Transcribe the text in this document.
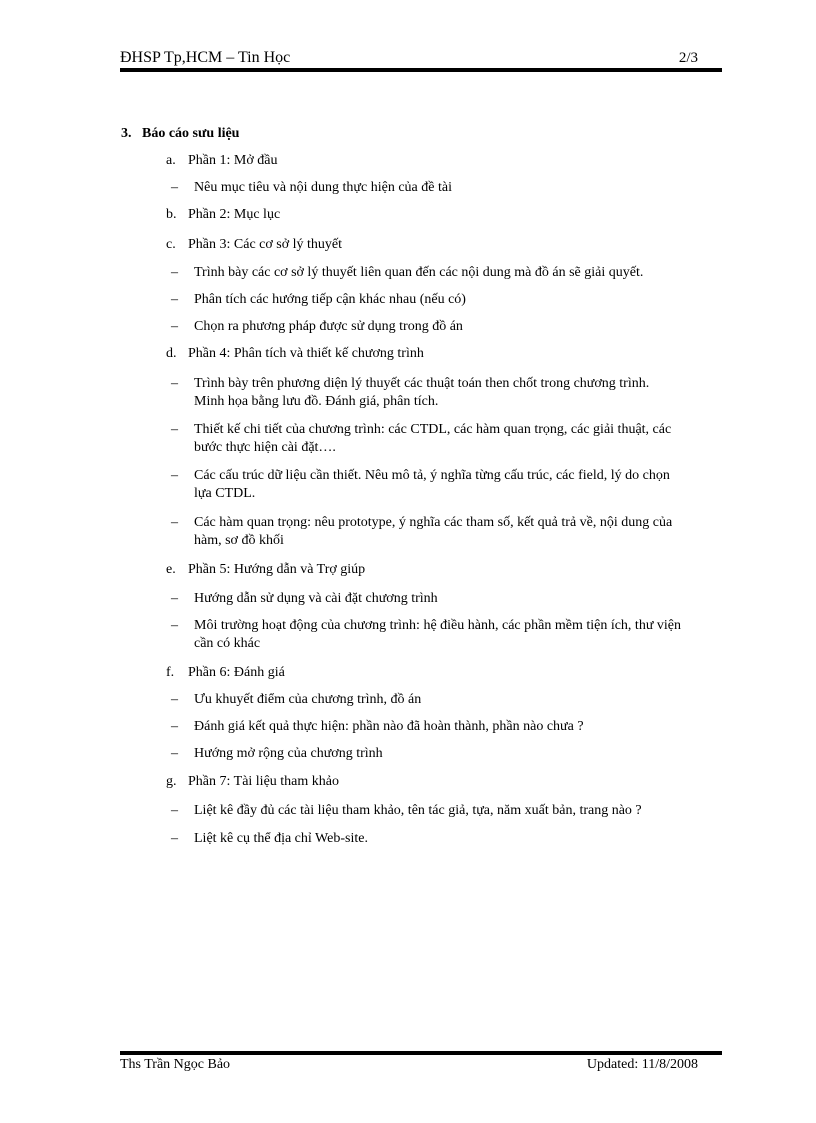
ĐHSP Tp,HCM – Tin Học	2/3
3. Báo cáo sưu liệu
a. Phần 1: Mở đầu
– Nêu mục tiêu và nội dung thực hiện của đề tài
b. Phần 2: Mục lục
c. Phần 3: Các cơ sở lý thuyết
– Trình bày các cơ sở lý thuyết liên quan đến các nội dung mà đồ án sẽ giải quyết.
– Phân tích các hướng tiếp cận khác nhau (nếu có)
– Chọn ra phương pháp được sử dụng trong đồ án
d. Phần 4: Phân tích và thiết kế chương trình
– Trình bày trên phương diện lý thuyết các thuật toán then chốt trong chương trình.
Minh họa bằng lưu đồ. Đánh giá, phân tích.
– Thiết kế chi tiết của chương trình: các CTDL, các hàm quan trọng, các giải thuật, các
bước thực hiện cài đặt….
– Các cấu trúc dữ liệu cần thiết. Nêu mô tả, ý nghĩa từng cấu trúc, các field, lý do chọn
lựa CTDL.
– Các hàm quan trọng: nêu prototype, ý nghĩa các tham số, kết quả trả về, nội dung của
hàm, sơ đồ khối
e. Phần 5: Hướng dẫn và Trợ giúp
– Hướng dẫn sử dụng và cài đặt chương trình
– Môi trường hoạt động của chương trình: hệ điều hành, các phần mềm tiện ích, thư viện
cần có khác
f. Phần 6: Đánh giá
– Ưu khuyết điểm của chương trình, đồ án
– Đánh giá kết quả thực hiện: phần nào đã hoàn thành, phần nào chưa ?
– Hướng mở rộng của chương trình
g. Phần 7: Tài liệu tham khảo
– Liệt kê đầy đủ các tài liệu tham khảo, tên tác giả, tựa, năm xuất bản, trang nào ?
– Liệt kê cụ thể địa chỉ Web-site.
Ths Trần Ngọc Bảo	Updated: 11/8/2008
